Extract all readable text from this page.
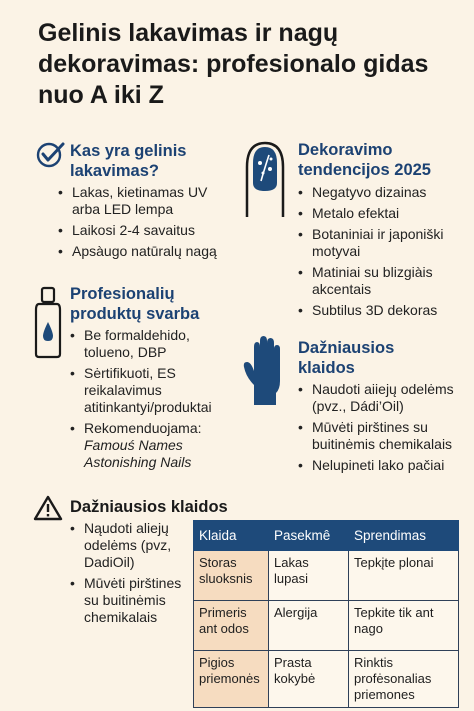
Gelinis lakavimas ir nagų dekoravimas: profesionalo gidas nuo A iki Z
Kas yra gelinis lakavimas?
• Lakas, kietinamas UV arba LED lempa
• Laikosi 2-4 savaitus
• Apsàugo natūralų nagą
Dekoravimo tendencijos 2025
• Negatyvo dizainas
• Metalo efektai
• Botaniniai ir japoniški motyvai
• Matiniai su blizgiàis akcentais
• Subtilus 3D dekoras
Profesionalių produktų svarba
• Be formaldehido, tolueno, DBP
• Sėrtifikuoti, ES reikalavimus atitinkantyi/produktai
• Rekomenduojama:
Famouś Names
Astonishing Nails
Dažniausios klaidos
• Naudoti aiiejų odelėms (pvz., Dádi’Oil)
• Mūvėti pirštines su buitinėmis chemikalais
• Nelupineti lako pačiai
Dažniausios klaidos
• Nąudoti aliejų odelėms (pvz, DadiOil)
• Mūvėti pirštines su buitinėmis chemikalais
Klaida	Pasekmê	Sprendimas
Storas sluoksnis	Lakas lupasi	Tepkįte plonai
Primeris ant odos	Alergija	Tepkite tik ant nago
Pigios priemonės	Prasta kokybė	Rinktis profėsonalias priemones
